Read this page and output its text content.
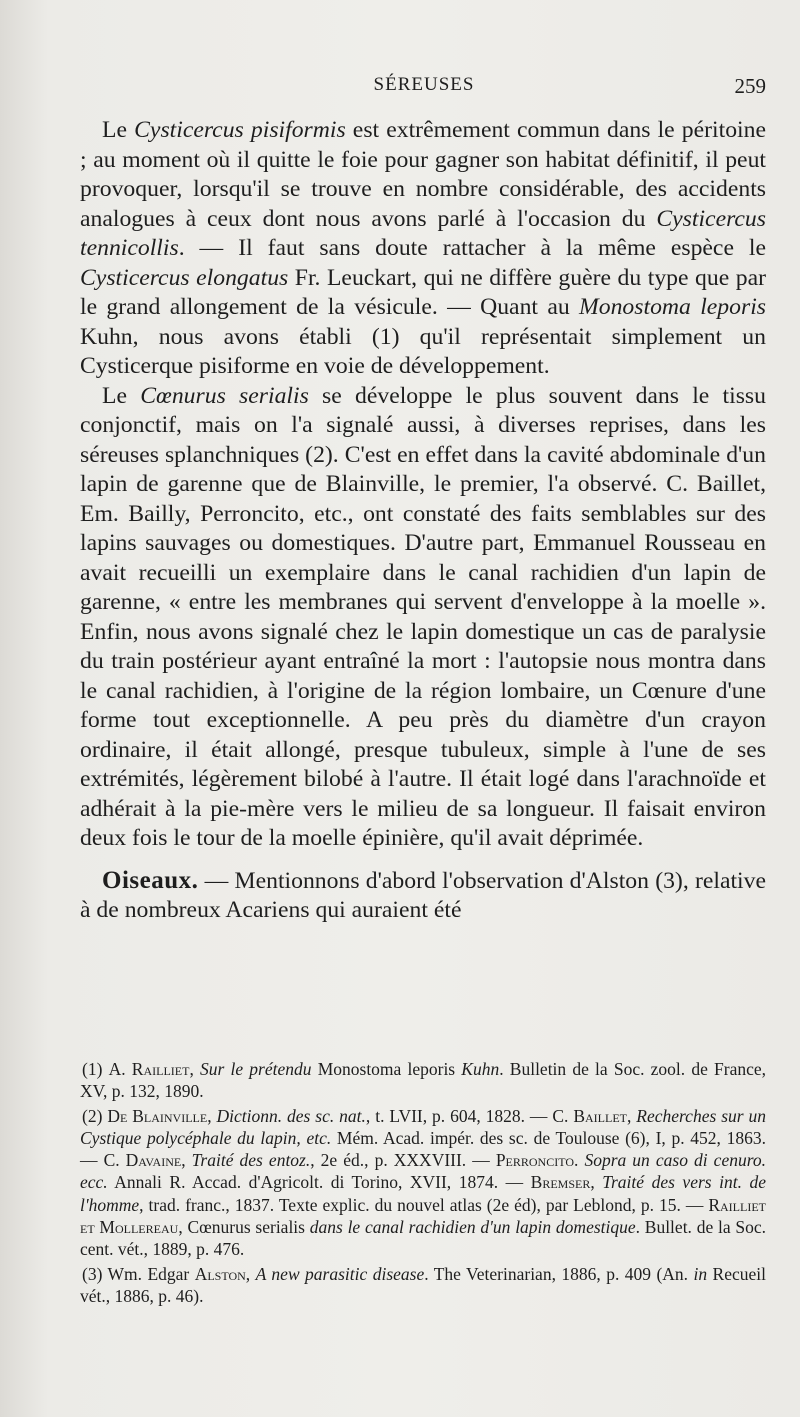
SÉREUSES	259

Le Cysticercus pisiformis est extrêmement commun dans le péritoine ; au moment où il quitte le foie pour gagner son habitat définitif, il peut provoquer, lorsqu'il se trouve en nombre considérable, des accidents analogues à ceux dont nous avons parlé à l'occasion du Cysticercus tennicollis. — Il faut sans doute rattacher à la même espèce le Cysticercus elongatus Fr. Leuckart, qui ne diffère guère du type que par le grand allongement de la vésicule. — Quant au Monostoma leporis Kuhn, nous avons établi (1) qu'il représentait simplement un Cysticerque pisiforme en voie de développement.

Le Cœnurus serialis se développe le plus souvent dans le tissu conjonctif, mais on l'a signalé aussi, à diverses reprises, dans les séreuses splanchniques (2). C'est en effet dans la cavité abdominale d'un lapin de garenne que de Blainville, le premier, l'a observé. C. Baillet, Em. Bailly, Perroncito, etc., ont constaté des faits semblables sur des lapins sauvages ou domestiques. D'autre part, Emmanuel Rousseau en avait recueilli un exemplaire dans le canal rachidien d'un lapin de garenne, « entre les membranes qui servent d'enveloppe à la moelle ». Enfin, nous avons signalé chez le lapin domestique un cas de paralysie du train postérieur ayant entraîné la mort : l'autopsie nous montra dans le canal rachidien, à l'origine de la région lombaire, un Cœnure d'une forme tout exceptionnelle. A peu près du diamètre d'un crayon ordinaire, il était allongé, presque tubuleux, simple à l'une de ses extrémités, légèrement bilobé à l'autre. Il était logé dans l'arachnoïde et adhérait à la pie-mère vers le milieu de sa longueur. Il faisait environ deux fois le tour de la moelle épinière, qu'il avait déprimée.

Oiseaux. — Mentionnons d'abord l'observation d'Alston (3), relative à de nombreux Acariens qui auraient été

(1) A. Railliet, Sur le prétendu Monostoma leporis Kuhn. Bulletin de la Soc. zool. de France, XV, p. 132, 1890.

(2) De Blainville, Dictionn. des sc. nat., t. LVII, p. 604, 1828. — C. Baillet, Recherches sur un Cystique polycéphale du lapin, etc. Mém. Acad. impér. des sc. de Toulouse (6), I, p. 452, 1863. — C. Davaine, Traité des entoz., 2e éd., p. XXXVIII. — Perroncito. Sopra un caso di cenuro. ecc. Annali R. Accad. d'Agricolt. di Torino, XVII, 1874. — Bremser, Traité des vers int. de l'homme, trad. franc., 1837. Texte explic. du nouvel atlas (2e éd), par Leblond, p. 15. — Railliet et Mollereau, Cœnurus serialis dans le canal rachidien d'un lapin domestique. Bullet. de la Soc. cent. vét., 1889, p. 476.

(3) Wm. Edgar Alston, A new parasitic disease. The Veterinarian, 1886, p. 409 (An. in Recueil vét., 1886, p. 46).
